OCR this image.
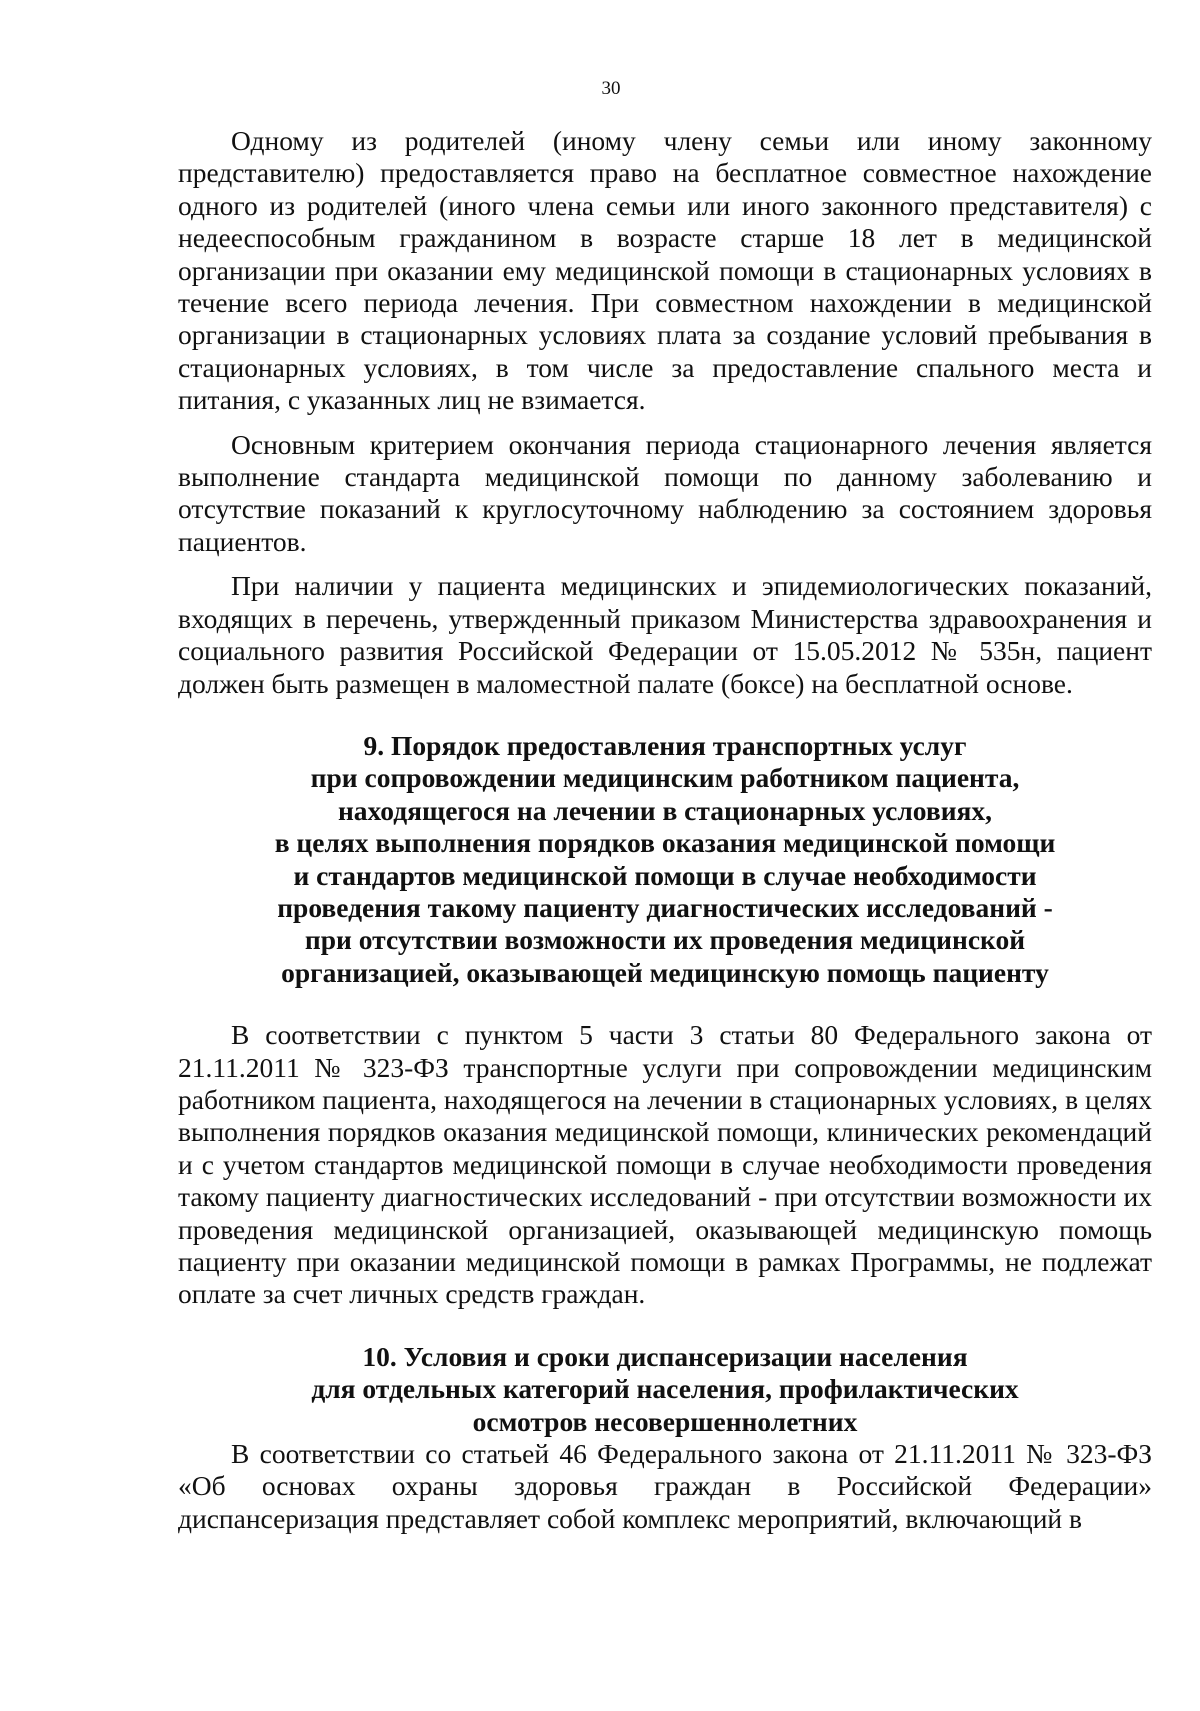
30

Одному из родителей (иному члену семьи или иному законному представителю) предоставляется право на бесплатное совместное нахождение одного из родителей (иного члена семьи или иного законного представителя) с недееспособным гражданином в возрасте старше 18 лет в медицинской организации при оказании ему медицинской помощи в стационарных условиях в течение всего периода лечения. При совместном нахождении в медицинской организации в стационарных условиях плата за создание условий пребывания в стационарных условиях, в том числе за предоставление спального места и питания, с указанных лиц не взимается.

Основным критерием окончания периода стационарного лечения является выполнение стандарта медицинской помощи по данному заболеванию и отсутствие показаний к круглосуточному наблюдению за состоянием здоровья пациентов.

При наличии у пациента медицинских и эпидемиологических показаний, входящих в перечень, утвержденный приказом Министерства здравоохранения и социального развития Российской Федерации от 15.05.2012 № 535н, пациент должен быть размещен в маломестной палате (боксе) на бесплатной основе.

9. Порядок предоставления транспортных услуг
при сопровождении медицинским работником пациента,
находящегося на лечении в стационарных условиях,
в целях выполнения порядков оказания медицинской помощи
и стандартов медицинской помощи в случае необходимости
проведения такому пациенту диагностических исследований -
при отсутствии возможности их проведения медицинской
организацией, оказывающей медицинскую помощь пациенту

В соответствии с пунктом 5 части 3 статьи 80 Федерального закона от 21.11.2011 № 323-ФЗ транспортные услуги при сопровождении медицинским работником пациента, находящегося на лечении в стационарных условиях, в целях выполнения порядков оказания медицинской помощи, клинических рекомендаций и с учетом стандартов медицинской помощи в случае необходимости проведения такому пациенту диагностических исследований - при отсутствии возможности их проведения медицинской организацией, оказывающей медицинскую помощь пациенту при оказании медицинской помощи в рамках Программы, не подлежат оплате за счет личных средств граждан.

10. Условия и сроки диспансеризации населения
для отдельных категорий населения, профилактических
осмотров несовершеннолетних

В соответствии со статьей 46 Федерального закона от 21.11.2011 № 323-ФЗ «Об основах охраны здоровья граждан в Российской Федерации» диспансеризация представляет собой комплекс мероприятий, включающий в
